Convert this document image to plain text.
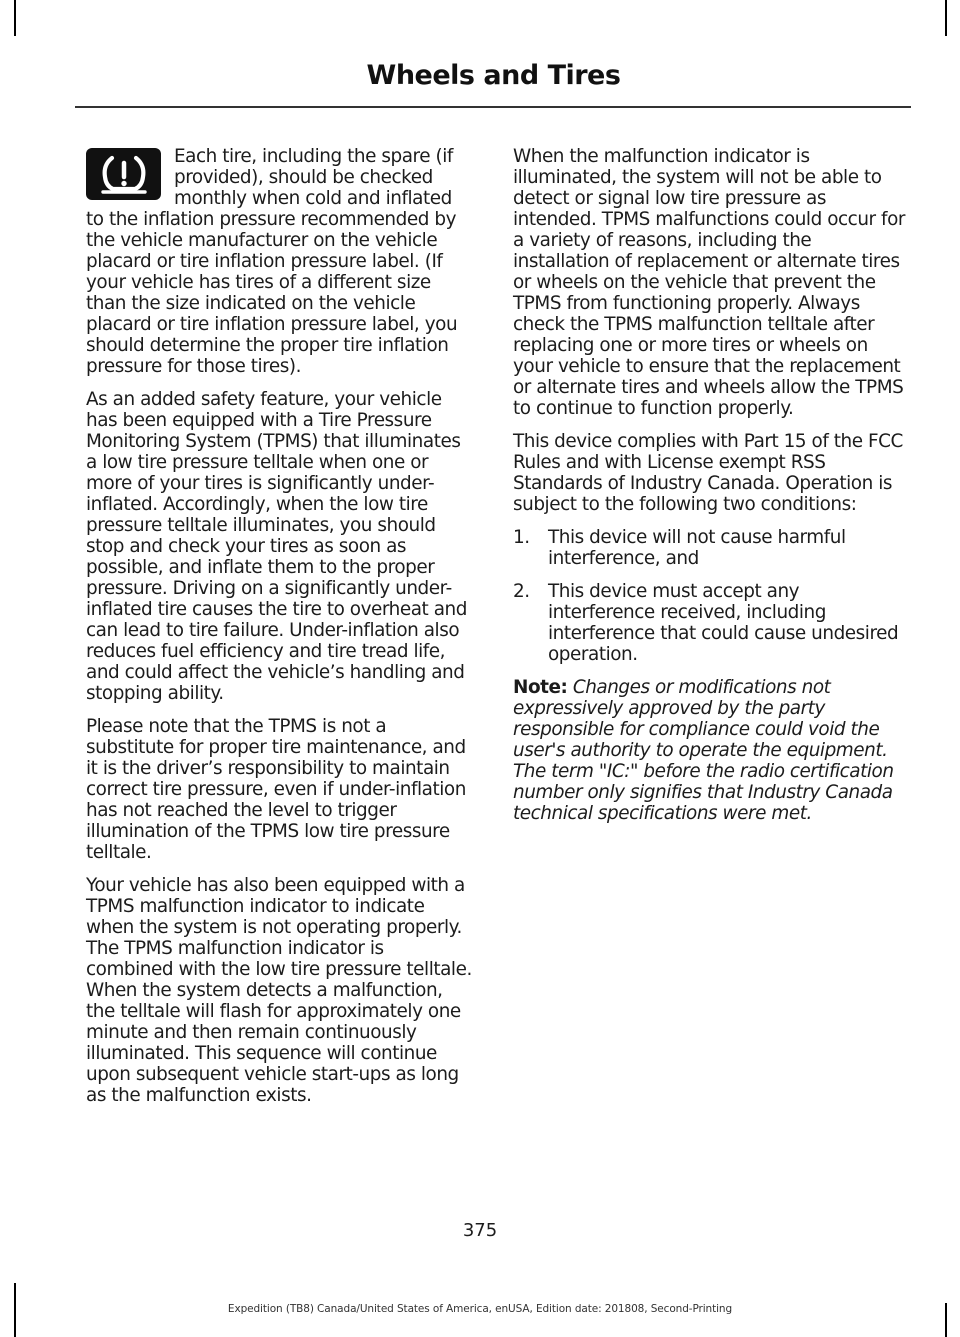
Wheels and Tires

Each tire, including the spare (if provided), should be checked monthly when cold and inflated to the inflation pressure recommended by the vehicle manufacturer on the vehicle placard or tire inflation pressure label. (If your vehicle has tires of a different size than the size indicated on the vehicle placard or tire inflation pressure label, you should determine the proper tire inflation pressure for those tires).

As an added safety feature, your vehicle has been equipped with a Tire Pressure Monitoring System (TPMS) that illuminates a low tire pressure telltale when one or more of your tires is significantly under-inflated. Accordingly, when the low tire pressure telltale illuminates, you should stop and check your tires as soon as possible, and inflate them to the proper pressure. Driving on a significantly under-inflated tire causes the tire to overheat and can lead to tire failure. Under-inflation also reduces fuel efficiency and tire tread life, and could affect the vehicle’s handling and stopping ability.

Please note that the TPMS is not a substitute for proper tire maintenance, and it is the driver’s responsibility to maintain correct tire pressure, even if under-inflation has not reached the level to trigger illumination of the TPMS low tire pressure telltale.

Your vehicle has also been equipped with a TPMS malfunction indicator to indicate when the system is not operating properly. The TPMS malfunction indicator is combined with the low tire pressure telltale. When the system detects a malfunction, the telltale will flash for approximately one minute and then remain continuously illuminated. This sequence will continue upon subsequent vehicle start-ups as long as the malfunction exists.

When the malfunction indicator is illuminated, the system will not be able to detect or signal low tire pressure as intended. TPMS malfunctions could occur for a variety of reasons, including the installation of replacement or alternate tires or wheels on the vehicle that prevent the TPMS from functioning properly. Always check the TPMS malfunction telltale after replacing one or more tires or wheels on your vehicle to ensure that the replacement or alternate tires and wheels allow the TPMS to continue to function properly.

This device complies with Part 15 of the FCC Rules and with License exempt RSS Standards of Industry Canada. Operation is subject to the following two conditions:

1. This device will not cause harmful interference, and
2. This device must accept any interference received, including interference that could cause undesired operation.

Note: Changes or modifications not expressively approved by the party responsible for compliance could void the user's authority to operate the equipment. The term "IC:" before the radio certification number only signifies that Industry Canada technical specifications were met.

375
Expedition (TB8) Canada/United States of America, enUSA, Edition date: 201808, Second-Printing
